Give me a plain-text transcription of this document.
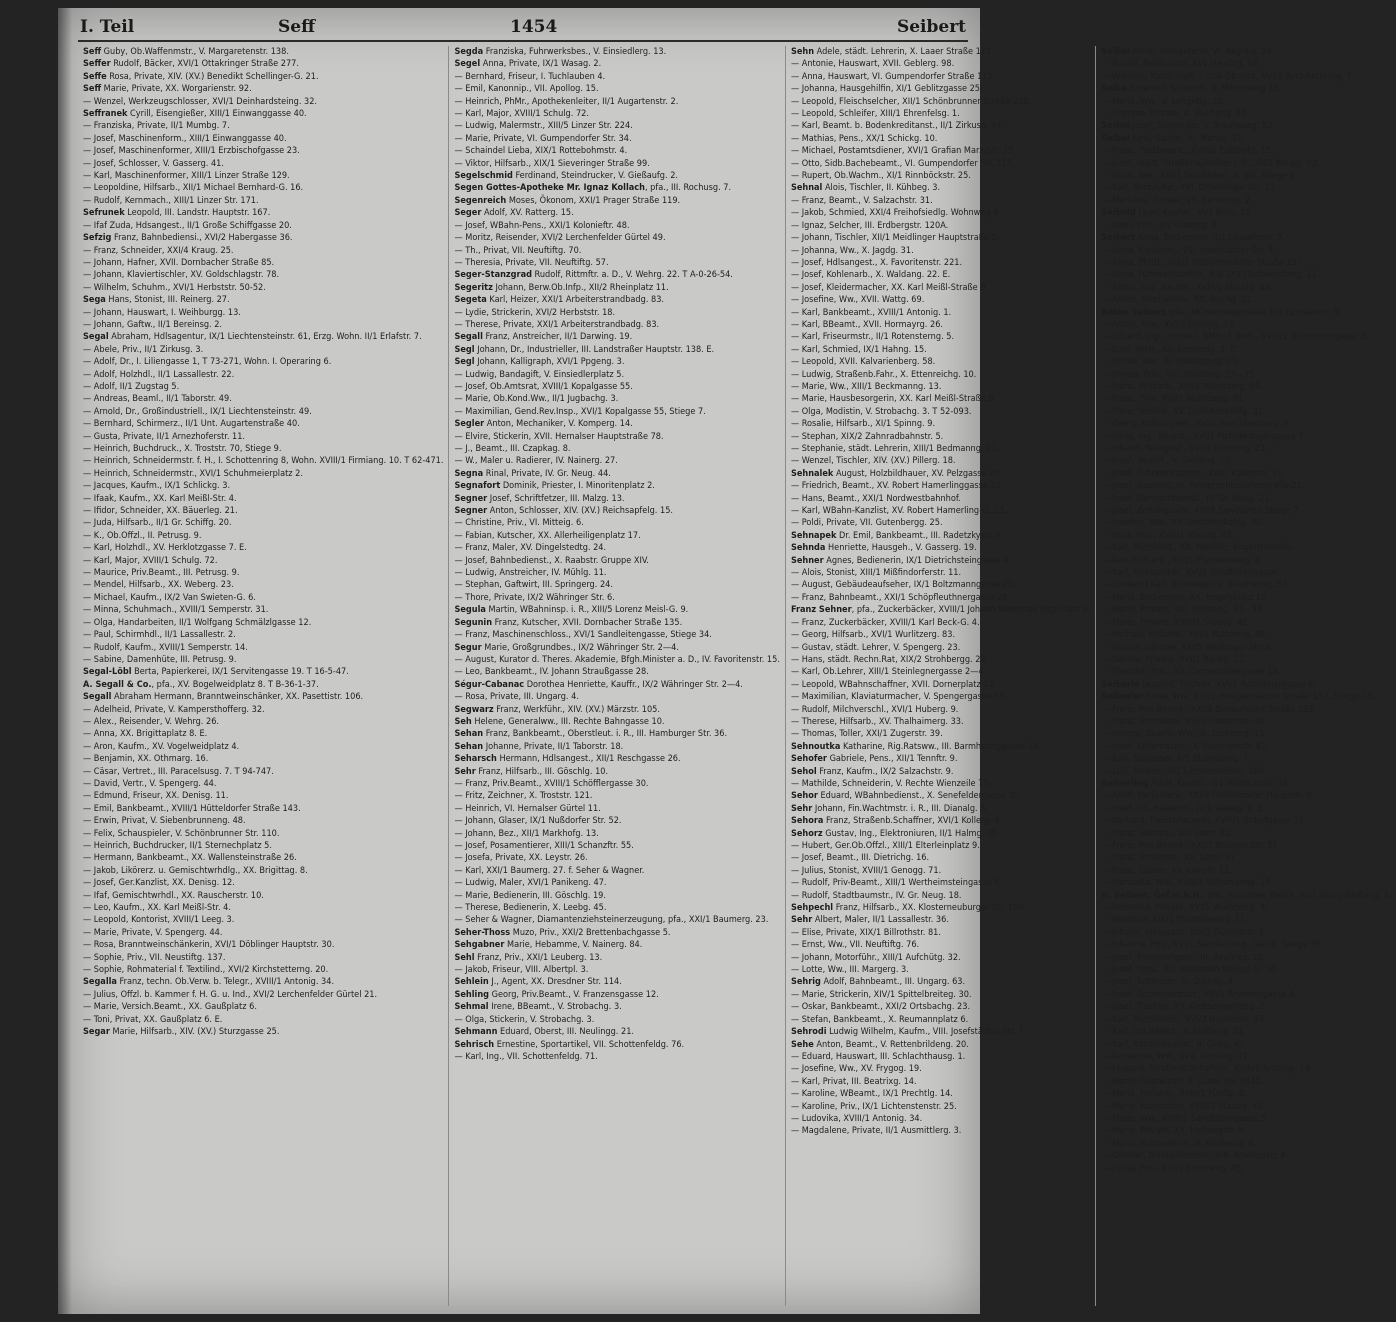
I. Teil	Seff	1454	Seibert
Seff Guby, Ob.Waffenmstr., V. Margaretenstr. 138.
Seffer Rudolf, Bäcker, XVI/1 Ottakringer Straße 277.
Seffe Rosa, Private, XIV. (XV.) Benedikt Schellinger-G. 21.
Seff Marie, Private, XX. Worgarienstr. 92.
— Wenzel, Werkzeugschlosser, XVI/1 Deinhardsteing. 32.
Seffranek Cyrill, Eisengießer, XIII/1 Einwanggasse 40.
— Franziska, Private, II/1 Mumbg. 7.
— Josef, Maschinenform., XIII/1 Einwanggasse 40.
— Josef, Maschinenformer, XIII/1 Erzbischofgasse 23.
— Josef, Schlosser, V. Gasserg. 41.
— Karl, Maschinenformer, XIII/1 Linzer Straße 129.
— Leopoldine, Hilfsarb., XII/1 Michael Bernhard-G. 16.
— Rudolf, Kernmach., XIII/1 Linzer Str. 171.
Sefrunek Leopold, III. Landstr. Hauptstr. 167.
— Ifaf Zuda, Hdsangest., II/1 Große Schiffgasse 20.
Sefzig Franz, Bahnbediensi., XVI/2 Habergasse 36.
— Franz, Schneider, XXI/4 Kraug. 25.
— Johann, Hafner, XVII. Dornbacher Straße 85.
— Johann, Klaviertischler, XV. Goldschlagstr. 78.
— Wilhelm, Schuhm., XVI/1 Herbststr. 50-52.
Sega Hans, Stonist, III. Reinerg. 27.
— Johann, Hauswart, I. Weihburgg. 13.
— Johann, Gaftw., II/1 Bereinsg. 2.
Segal Abraham, Hdlsagentur, IX/1 Liechtensteinstr. 61, Erzg. Wohn. II/1 Erlafstr. 7.
— Abele, Priv., II/1 Zirkusg. 3.
— Adolf, Dr., I. Liliengasse 1, T 73-271, Wohn. I. Operaring 6.
— Adolf, Holzhdl., II/1 Lassallestr. 22.
— Adolf, II/1 Zugstag 5.
— Andreas, Beaml., II/1 Taborstr. 49.
— Arnold, Dr., Großindustriell., IX/1 Liechtensteinstr. 49.
— Bernhard, Schirmerz., II/1 Unt. Augartenstraße 40.
— Gusta, Private, II/1 Arnezhoferstr. 11.
— Heinrich, Buchdruck., X. Troststr. 70, Stiege 9.
— Heinrich, Schneidermstr. f. H., I. Schottenring 8, Wohn. XVIII/1 Firmiang. 10. T 62-471.
— Heinrich, Schneidermstr., XVI/1 Schuhmeierplatz 2.
— Jacques, Kaufm., IX/1 Schlickg. 3.
— Ifaak, Kaufm., XX. Karl Meißl-Str. 4.
— Ifidor, Schneider, XX. Bäuerleg. 21.
— Juda, Hilfsarb., II/1 Gr. Schiffg. 20.
— K., Ob.Offzl., II. Petrusg. 9.
— Karl, Holzhdl., XV. Herklotzgasse 7. E.
— Karl, Major, XVIII/1 Schulg. 72.
— Maurice, Priv.Beamt., III. Petrusg. 9.
— Mendel, Hilfsarb., XX. Weberg. 23.
— Michael, Kaufm., IX/2 Van Swieten-G. 6.
— Minna, Schuhmach., XVIII/1 Semperstr. 31.
— Olga, Handarbeiten, II/1 Wolfgang Schmälzlgasse 12.
— Paul, Schirmhdl., II/1 Lassallestr. 2.
— Rudolf, Kaufm., XVIII/1 Semperstr. 14.
— Sabine, Damenhüte, III. Petrusg. 9.
Segal-Löbl Berta, Papierkerei, IX/1 Servitengasse 19. T 16-5-47.
A. Segall & Co., pfa., XV. Bogelweidplatz 8. T B-36-1-37.
Segall Abraham Hermann, Branntweinschänker, XX. Pasettistr. 106.
— Adelheid, Private, V. Kampersthofferg. 32.
— Alex., Reisender, V. Wehrg. 26.
— Anna, XX. Brigittaplatz 8. E.
— Aron, Kaufm., XV. Vogelweidplatz 4.
— Benjamin, XX. Othmarg. 16.
— Cäsar, Vertret., III. Paracelsusg. 7. T 94-747.
— David, Vertr., V. Spengerg. 44.
— Edmund, Friseur, XX. Denisg. 11.
— Emil, Bankbeamt., XVIII/1 Hütteldorfer Straße 143.
— Erwin, Privat, V. Siebenbrunneng. 48.
— Felix, Schauspieler, V. Schönbrunner Str. 110.
— Heinrich, Buchdrucker, II/1 Sternechplatz 5.
— Hermann, Bankbeamt., XX. Wallensteinstraße 26.
— Jakob, Likörerz. u. Gemischtwrhdlg., XX. Brigittag. 8.
— Josef, Ger.Kanzlist, XX. Denisg. 12.
— Ifaf, Gemischtwrhdl., XX. Rauscherstr. 10.
— Leo, Kaufm., XX. Karl Meißl-Str. 4.
— Leopold, Kontorist, XVIII/1 Leeg. 3.
— Marie, Private, V. Spengerg. 44.
— Rosa, Branntweinschänkerin, XVI/1 Döblinger Hauptstr. 30.
— Sophie, Priv., VII. Neustiftg. 137.
— Sophie, Rohmaterial f. Textilind., XVI/2 Kirchstetterng. 20.
Segalla Franz, techn. Ob.Verw. b. Telegr., XVIII/1 Antonig. 34.
— Julius, Offzl. b. Kammer f. H. G. u. Ind., XVI/2 Lerchenfelder Gürtel 21.
— Marie, Versich.Beamt., XX. Gaußplatz 6.
— Toni, Privat, XX. Gaußplatz 6. E.
Segar Marie, Hilfsarb., XIV. (XV.) Sturzgasse 25.
Segda Franziska, Fuhrwerksbes., V. Einsiedlerg. 13.
Segel Anna, Private, IX/1 Wasag. 2.
— Bernhard, Friseur, I. Tuchlauben 4.
— Emil, Kanonnip., VII. Apollog. 15.
— Heinrich, PhMr., Apothekenleiter, II/1 Augartenstr. 2.
— Karl, Major, XVIII/1 Schulg. 72.
— Ludwig, Malermstr., XIII/5 Linzer Str. 224.
— Marie, Private, VI. Gumpendorfer Str. 34.
— Schaindel Lieba, XIX/1 Rottebohmstr. 4.
— Viktor, Hilfsarb., XIX/1 Sieveringer Straße 99.
Segelschmid Ferdinand, Steindrucker, V. Gießaufg. 2.
Segen Gottes-Apotheke Mr. Ignaz Kollach, pfa., III. Rochusg. 7.
Segenreich Moses, Ökonom, XXI/1 Prager Straße 119.
Seger Adolf, XV. Ratterg. 15.
— Josef, WBahn-Pens., XXI/1 Kolonieftr. 48.
— Moritz, Reisender, XVI/2 Lerchenfelder Gürtel 49.
— Th., Privat, VII. Neuftiftg. 70.
— Theresia, Private, VII. Neuftiftg. 57.
Seger-Stanzgrad Rudolf, Rittmftr. a. D., V. Wehrg. 22. T A-0-26-54.
Segeritz Johann, Berw.Ob.Infp., XII/2 Rheinplatz 11.
Segeta Karl, Heizer, XXI/1 Arbeiterstrandbadg. 83.
— Lydie, Strickerin, XVI/2 Herbststr. 18.
— Therese, Private, XXI/1 Arbeiterstrandbadg. 83.
Segall Franz, Anstreicher, II/1 Darwing. 19.
Segl Johann, Dr., Industrieller, III. Landstraßer Hauptstr. 138. E.
Segl Johann, Kalligraph, XVI/1 Ppgeng. 3.
— Ludwig, Bandagift, V. Einsiedlerplatz 5.
— Josef, Ob.Amtsrat, XVIII/1 Kopalgasse 55.
— Marie, Ob.Kond.Ww., II/1 Jugbachg. 3.
— Maximilian, Gend.Rev.Insp., XVI/1 Kopalgasse 55, Stiege 7.
Segler Anton, Mechaniker, V. Komperg. 14.
— Elvire, Stickerin, XVII. Hernalser Hauptstraße 78.
— J., Beamt., III. Czapkag. 8.
— W., Maler u. Radierer, IV. Nainerg. 27.
Segna Rinal, Private, IV. Gr. Neug. 44.
Segnafort Dominik, Priester, I. Minoritenplatz 2.
Segner Josef, Schriftfetzer, III. Malzg. 13.
Segner Anton, Schlosser, XIV. (XV.) Reichsapfelg. 15.
— Christine, Priv., VI. Mitteig. 6.
— Fabian, Kutscher, XX. Allerheiligenplatz 17.
— Franz, Maler, XV. Dingelstedtg. 24.
— Josef, Bahnbedienst., X. Raabstr. Gruppe XIV.
— Ludwig, Anstreicher, IV. Mühlg. 11.
— Stephan, Gaftwirt, III. Springerg. 24.
— Thore, Private, IX/2 Währinger Str. 6.
Segula Martin, WBahninsp. i. R., XIII/5 Lorenz Meisl-G. 9.
Segunin Franz, Kutscher, XVII. Dornbacher Straße 135.
— Franz, Maschinenschloss., XVI/1 Sandleitengasse, Stiege 34.
Segur Marie, Großgrundbes., IX/2 Währinger Str. 2—4.
— August, Kurator d. Theres. Akademie, Bfgh.Minister a. D., IV. Favoritenstr. 15.
— Leo, Bankbeamt., IV. Johann Straußgasse 28.
Ségur-Cabanac Dorothea Henriette, Kauffr., IX/2 Währinger Str. 2—4.
— Rosa, Private, III. Ungarg. 4.
Segwarz Franz, Werkführ., XIV. (XV.) Märzstr. 105.
Seh Helene, Generalww., III. Rechte Bahngasse 10.
Sehan Franz, Bankbeamt., Oberstleut. i. R., III. Hamburger Str. 36.
Sehan Johanne, Private, II/1 Taborstr. 18.
Seharsch Hermann, Hdlsangest., XII/1 Reschgasse 26.
Sehr Franz, Hilfsarb., III. Göschlg. 10.
— Franz, Priv.Beamt., XVIII/1 Schöfflergasse 30.
— Fritz, Zeichner, X. Troststr. 121.
— Heinrich, VI. Hernalser Gürtel 11.
— Johann, Glaser, IX/1 Nußdorfer Str. 52.
— Johann, Bez., XII/1 Markhofg. 13.
— Josef, Posamentierer, XIII/1 Schanzftr. 55.
— Josefa, Private, XX. Leystr. 26.
— Karl, XXI/1 Baumerg. 27. f. Seher & Wagner.
— Ludwig, Maler, XVI/1 Panikeng. 47.
— Marie, Bedienerin, III. Göschlg. 19.
— Therese, Bedienerin, X. Leebg. 45.
— Seher & Wagner, Diamantenziehsteinerzeugung, pfa., XXI/1 Baumerg. 23.
Seher-Thoss Muzo, Priv., XXI/2 Brettenbachgasse 5.
Sehgabner Marie, Hebamme, V. Nainerg. 84.
Sehl Franz, Priv., XXI/1 Leuberg. 13.
— Jakob, Friseur, VIII. Albertpl. 3.
Sehlein J., Agent, XX. Dresdner Str. 114.
Sehling Georg, Priv.Beamt., V. Franzensgasse 12.
Sehmal Irene, BBeamt., V. Strobachg. 3.
— Olga, Stickerin, V. Strobachg. 3.
Sehmann Eduard, Oberst, III. Neulingg. 21.
Sehrisch Ernestine, Sportartikel, VII. Schottenfeldg. 76.
— Karl, Ing., VII. Schottenfeldg. 71.
Sehn Adele, städt. Lehrerin, X. Laaer Straße 171.
— Antonie, Hauswart, XVII. Geblerg. 98.
— Anna, Hauswart, VI. Gumpendorfer Straße 115.
— Johanna, Hausgehilfin, XI/1 Geblitzgasse 25.
— Leopold, Fleischselcher, XII/1 Schönbrunner Straße 238.
— Leopold, Schleifer, XIII/1 Ehrenfelsg. 1.
— Karl, Beamt. b. Bodenkreditanst., II/1 Zirkusg. 47.
— Mathias, Pens., XX/1 Schickg. 10.
— Michael, Postamtsdiener, XVI/1 Grafian Marz-Str. 25.
— Otto, Sidb.Bachebeamt., VI. Gumpendorfer Str. 115.
— Rupert, Ob.Wachm., XI/1 Rinnböckstr. 25.
Sehnal Alois, Tischler, II. Kühbeg. 3.
— Franz, Beamt., V. Salzachstr. 31.
— Jakob, Schmied, XXI/4 Freihofsiedlg. Wohnweg 9.
— Ignaz, Selcher, III. Erdbergstr. 120A.
— Johann, Tischler, XII/1 Meidlinger Hauptstraße 5.
— Johanna, Ww., X. Jagdg. 31.
— Josef, Hdlsangest., X. Favoritenstr. 221.
— Josef, Kohlenarb., X. Waldang. 22. E.
— Josef, Kleidermacher, XX. Karl Meißl-Straße 9.
— Josefine, Ww., XVII. Wattg. 69.
— Karl, Bankbeamt., XVIII/1 Antonig. 1.
— Karl, BBeamt., XVII. Hormayrg. 26.
— Karl, Friseurmstr., II/1 Rotensterng. 5.
— Karl, Schmied, IX/1 Hahng. 15.
— Leopold, XVII. Kalvarienberg. 58.
— Ludwig, Straßenb.Fahr., X. Ettenreichg. 10.
— Marie, Ww., XIII/1 Beckmanng. 13.
— Marie, Hausbesorgerin, XX. Karl Meißl-Straße 9.
— Olga, Modistin, V. Strobachg. 3. T 52-093.
— Rosalie, Hilfsarb., XI/1 Spinng. 9.
— Stephan, XIX/2 Zahnradbahnstr. 5.
— Stephanie, städt. Lehrerin, XIII/1 Bedmanng. 21.
— Wenzel, Tischler, XIV. (XV.) Pillerg. 18.
Sehnalek August, Holzbildhauer, XV. Pelzgasse 20.
— Friedrich, Beamt., XV. Robert Hamerlinggasse 23.
— Hans, Beamt., XXI/1 Nordwestbahnhof.
— Karl, WBahn-Kanzlist, XV. Robert Hamerling-G. 23.
— Poldi, Private, VII. Gutenbergg. 25.
Sehnapek Dr. Emil, Bankbeamt., III. Radetzkystr. 5.
Sehnda Henriette, Hausgeh., V. Gasserg. 19.
Sehner Agnes, Bedienerin, IX/1 Dietrichsteingasse 4.
— Alois, Stonist, XIII/1 Mißfindorferstr. 11.
— August, Gebäudeaufseher, IX/1 Boltzmanngasse 21.
— Franz, Bahnbeamt., XXI/1 Schöpfleuthnergasse 28.
Franz Sehner, pfa., Zuckerbäcker, XVIII/1 Johann Nepomuk Vogl-Platz 9.
— Franz, Zuckerbäcker, XVIII/1 Karl Beck-G. 4.
— Georg, Hilfsarb., XVI/1 Wurlitzerg. 83.
— Gustav, städt. Lehrer, V. Spengerg. 23.
— Hans, städt. Rechn.Rat, XIX/2 Strohbergg. 23.
— Karl, Ob.Lehrer, XIII/1 Steinlegnergasse 2—4.
— Leopold, WBahnschaffner, XVII. Dornerplatz 12.
— Maximilian, Klaviaturmacher, V. Spengergasse 55.
— Rudolf, Milchverschl., XVI/1 Huberg. 9.
— Therese, Hilfsarb., XV. Thalhaimerg. 33.
— Thomas, Toller, XXI/1 Zugerstr. 39.
Sehnoutka Katharine, Rig.Ratsww., III. Barmherziggasse 16.
Sehofer Gabriele, Pens., XII/1 Tennftr. 9.
Sehol Franz, Kaufm., IX/2 Salzachstr. 9.
— Mathilde, Schneiderin, V. Rechte Wienzeile 75.
Sehor Eduard, WBahnbedienst., X. Senefeldergasse 30.
Sehr Johann, Fin.Wachtmstr. i. R., III. Dianalg. 3.
Sehora Franz, Straßenb.Schaffner, XVI/1 Kollerg. 4.
Sehorz Gustav, Ing., Elektroniuren, II/1 Halmg. 20.
— Hubert, Ger.Ob.Offzl., XIII/1 Elterleinplatz 9.
— Josef, Beamt., III. Dietrichg. 16.
— Julius, Stonist, XVIII/1 Genogg. 71.
— Rudolf, Priv-Beamt., XIII/1 Wertheimsteingasse 6.
— Rudolf, Stadtbaumstr., IV. Gr. Neug. 18.
Sehpechl Franz, Hilfsarb., XX. Klosterneuburger Str. 106.
Sehr Albert, Maler, II/1 Lassallestr. 36.
— Elise, Private, XIX/1 Billrothstr. 81.
— Ernst, Ww., VII. Neuftiftg. 76.
— Johann, Motorführ., XIII/1 Aufchütg. 32.
— Lotte, Ww., III. Margerg. 3.
Sehrig Adolf, Bahnbeamt., III. Ungarg. 63.
— Marie, Strickerin, XIV/1 Spittelbreiteg. 30.
— Oskar, Bankbeamt., XXI/2 Ortsbachg. 23.
— Stefan, Bankbeamt., X. Reumannplatz 6.
Sehrodi Ludwig Wilhelm, Kaufm., VIII. Josefstädter Str. 7.
Sehe Anton, Beamt., V. Rettenbrildeng. 20.
— Eduard, Hauswart, III. Schlachthausg. 1.
— Josefine, Ww., XV. Frygog. 19.
— Karl, Privat, III. Beatrixg. 14.
— Karoline, WBeamt., IX/1 Prechtlg. 14.
— Karoline, Priv., IX/1 Lichtenstenstr. 25.
— Ludovika, XVIII/1 Antonig. 34.
— Magdalene, Private, II/1 Ausmittlerg. 3.
Seibel Marie, Verkäuferin, VI. Aegidig. 14.
— Rudolf, Reitbursch, XI/1 Haydog. 18.
— Wilhelm, Kanzl.Abjft. i. Zoll-Ob.Amt, XVI/1 Rechftetterng. 7.
Seiba Emanuel, Schuhm., V. Mittersteig 28.
— Marie, Ww., V. Leitgebg. 13.
— Therese, Private, X. Bucheng. 86.
Seibal Josef, Schneider, V. Bräuhausg. 52.
Seibel Emil, Sattler, III. Mohsg. 10.
— Franz, Postbeamt., XVIII/1 Edelhofg. 15.
— Josef, städt. Straßenaufseher I. B., XII/1 Bonyg. 53.
— Irene, Ww., XVI/1 Sandleiten, II. Teil, Stiege 2.
— Karl, Rechn.Rat, XVI. Ottakringer Str. 13.
— Mathilde, Private, VII. Bernardg. 2.
Seibeld Leon, Kaufm., IX/1 Berg. 20.
— Leon, Priv., II/1 Glaserg. 9.
Seibert Anna, Bedienerin, II/1 Lassallestr. 9.
— Anna, Kleiderm., VIII. Josefstädter Str. 5.
— Anna, Pfdrd., XIX/2 Heiligenstädter Straße 157.
— Anna, Fuhrwerksunter., XIV. (XV.) Schweinberg. 11.
— Anton, Ing., Kaufm., XVIII/1 Staudg. 42.
— Anton, Mechaniker, XX. Bachg. 21.
Anton Seibert, pfa., Mühlenbauanstalt, II/1 Lassallestr. 9.
— Anton, Priv., XVI/1 Eisnerg. 13.
— Eduard, Ing., Hofrat i. BMin. f. Verk., XVIII/1 Würtenschgasse 2.
— Emil, Vertr., XV. Bernardg. 2. E.
— Emilie, Ww., III. Haldingerg. 23.
— Emma, Priv., VIII. Blindeng. 33—35.
— Franz, Hilfsarb., XVI/1 Wurlitzerg. 69.
— Franz, Priv., XVI/1 Wurlitzerg. 81.
— Franz, Stonist, XV. Loefchenkohlg. 31.
— Georg, Hdlsangest., XVI/1 Speckbacherg. 9.
— Hans, Ing., Beamt., XVI/1 Pichelwangergasse 7.
— Johann, WAngest., XVI/1 Rückertg. 23.
— Josef, Beamt., V. Garteng. 19.
— Josef, Fuhrwerksunter., XVIII. Kaiserstr. 51.
— Josef, Gastwirt, IX. Reinprechtsdorferstraße 21.
— Josef, Gemischtwrhdl., IV. Gr. Neug. 21.
— Josef, Zeitungsarb., XVI/1 Sandleiten Stiege 7.
— Josefine, Ww., XV. Loefchenkohlg. 40.
— Irma, Priv., XVIII/1 Staudg. 42.
— Karl, Buchbind., XX. Wehlistr. Engerthstraße.
— Karl, Hilfsarb., XIX/1 Pfarrwieseng. 4.
— Karl, Mechaniker, XVI/1 Sandleitengasse.
— (Seibert) Karl, Schneider, V. Bräuhausg. 52.
— Marie, Bedienerin, XX. Engelsplatz 15.
— Marie, Private, VIII. Blindeng. 33—35.
— Marie, Private, XVIII/1 Staudg. 42.
— Michael, Hilfsarb., XVI/1 Ruthnerg. 48.
— Rosine, Gärtner, XXI/5 Hackinger Str. 6.
— Sabine, Private, XVI/1 Bachg. 21.
— Theodor, Priv., XV. Clementinengasse 18.
Seiberle Leopold, Tischler, XVI/1 Rudolfinergasse 6.
Seiberler Anna, Ww., XIX/2 Heiligenstädter Straße 157, Stiege 11.
— Franz, Priv.Beamt., XXI/4 Donaufelder Straße 193.
— Franz, Schneider, XVI/2 Hasnerstr. 40.
— Helene, Beamt.-Ww., III. Lorbeerg. 15.
— Josef, Kellerhackh., X. Favoritenstr. 61.
— Karl, Schlosser, II/1 Blumauerg. 7.
— Luis, Beamt., II/1 Lichtensteinstr. 166.
Seiberling Adolf, Kaufm., II/1 Wolmuthstr. 16.
— Adolf, Parfümerie, XXI/4 Floridsdorfer Hauptstr. 8.
— Josef, Dr., Hausbes., IX/1 Wasag. 8. E.
— Barbara, Fleischhauerin, XVIII/1 Staudgasse 25.
— Franz, Hilfsarb., XX. Lestr. 81.
— Franz, Priv.Beamt., XXI/1 Brünner Str. 37.
— Franz, Schlosser, XX. Lestr. 81.
— Franz, Glaser, XV. Johnstr. 11.
— Franziska, Ww., XVIII/1 Schumanng. 15.
G. Seibert, Gef.m.b.H., pfa., maritime Werke, XII/1 Königsklofterg. 3.
— Hermann, Private, XVI/1 Wurlitzerg. 9.
— Hermine, XIX/1 Pfarrwieseng. 11.
— Johann, Inkassant, XIX/2 Gunoldstr. 3.
— Johanna, Priv., XVI/1 Sandleiteng., Teil III, Stiege 30.
— Josef, Polsterangest., III. Beatrixg. 15.
— Josef, Pens., II/1 Sebastian Kneipp-G. 10.
— Josef, Schlosser, III. Dianag. 4.
— Josef, Schneidermstr., XVI/2 Brunnengasse 4.
— Josef, Tischler, XV. Krebsengarteng. 2.
— Karl, Buchbinder, XVI/2 Hasnerstr. 93.
— Karl, Ind.Beamt., V. Stolberg. 21.
— Karl, Kanzleibeamt., II. Gebg. 42.
— Katharina, Ww., XVII. Geblerg. 42.
— Leopold, Straßenb.Schaffner, XVIII/1 Antonig. 14.
— Marie, Gastwirtin, X. Laaer Str. 164D.
— Marie, Hilfsarb., XVIII/1 Fünflg. 8.
— Marie, Kontoristin, XVIII/1 Staudg. 41.
— Marie, Ww., XVIII/1 Sandleitengasse 5.
— Marie, Private, XX. Hellwagstr. 9.
— Marie, Schneiderin, III. Blütheng. 6.
— Othmar, Schneidermstr., VIII. Albertplatz 4.
— Paula, Priv., XVI/1 Brunneng. 45.
